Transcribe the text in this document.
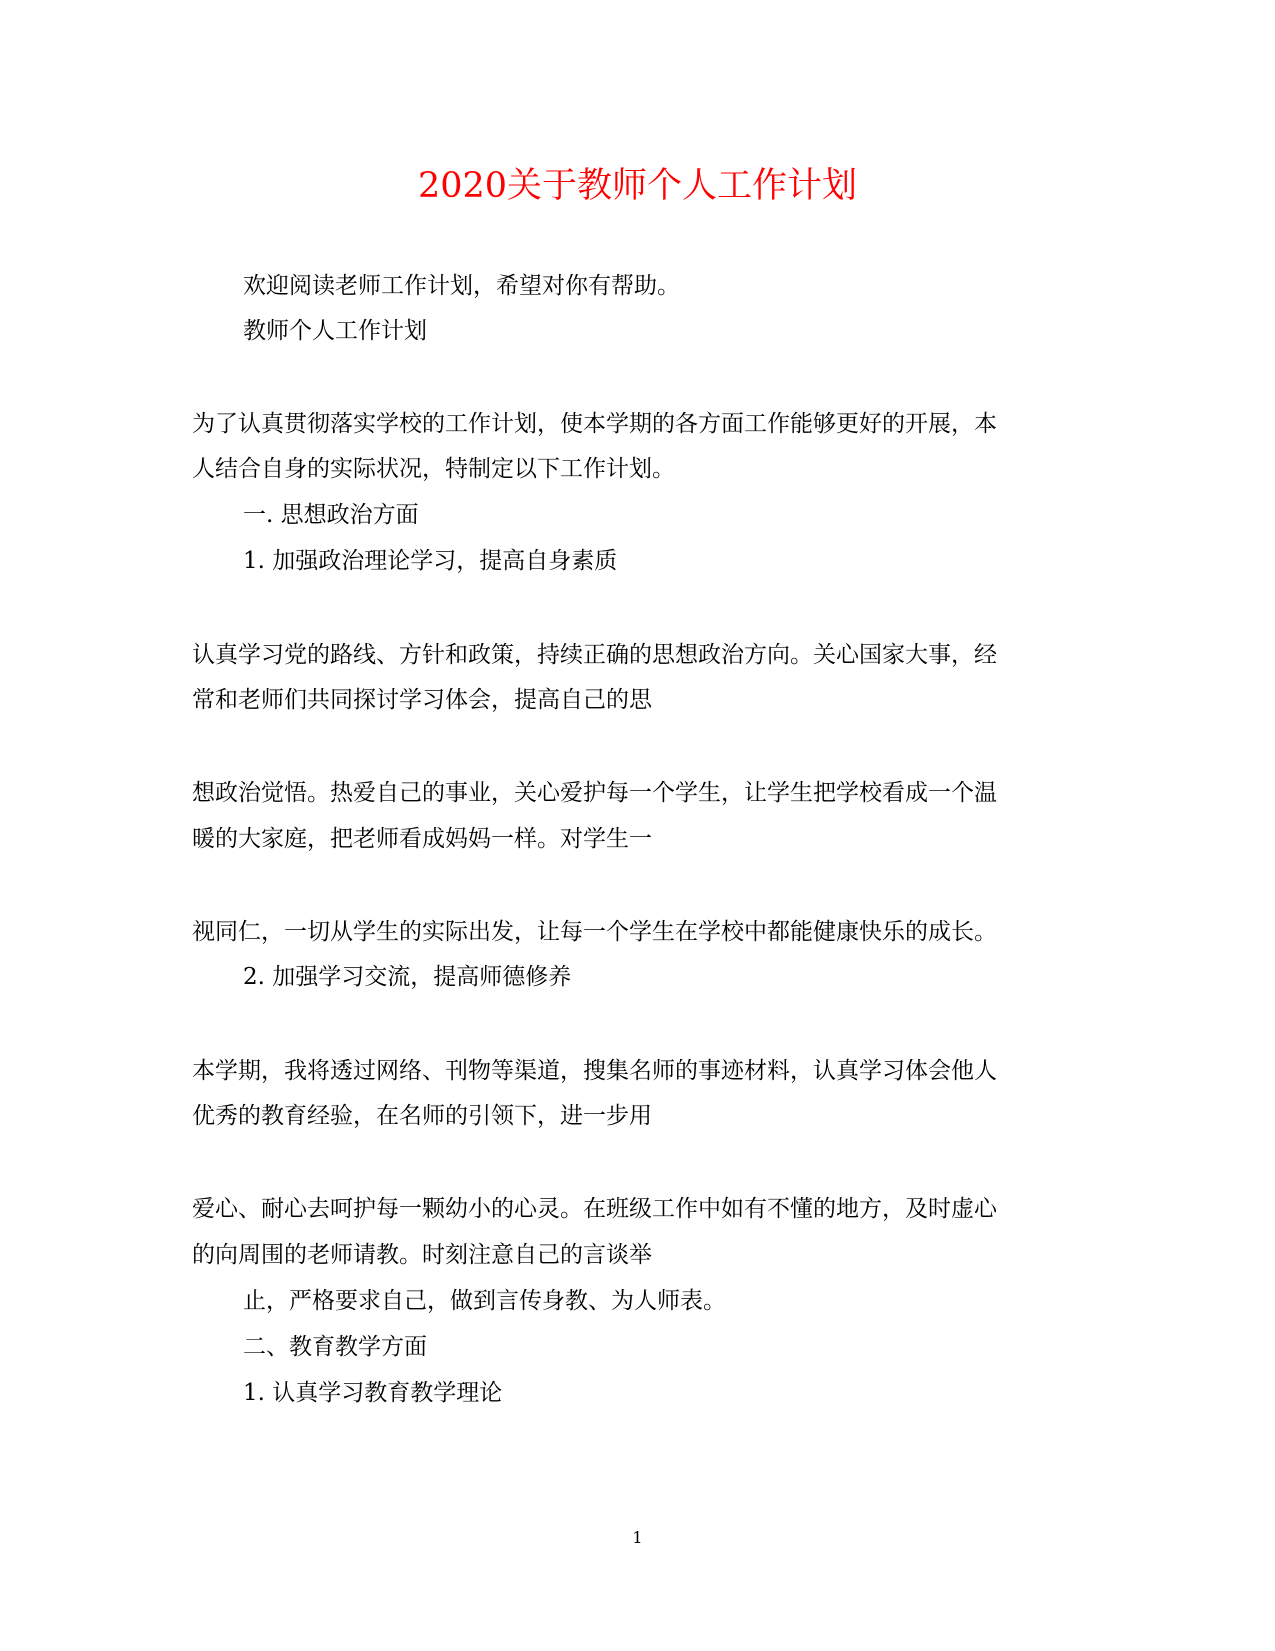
2020关于教师个人工作计划
欢迎阅读老师工作计划，希望对你有帮助。
教师个人工作计划
为了认真贯彻落实学校的工作计划，使本学期的各方面工作能够更好的开展，本
人结合自身的实际状况，特制定以下工作计划。
一. 思想政治方面
1. 加强政治理论学习，提高自身素质
认真学习党的路线、方针和政策，持续正确的思想政治方向。关心国家大事，经
常和老师们共同探讨学习体会，提高自己的思
想政治觉悟。热爱自己的事业，关心爱护每一个学生，让学生把学校看成一个温
暖的大家庭，把老师看成妈妈一样。对学生一
视同仁，一切从学生的实际出发，让每一个学生在学校中都能健康快乐的成长。
2. 加强学习交流，提高师德修养
本学期，我将透过网络、刊物等渠道，搜集名师的事迹材料，认真学习体会他人
优秀的教育经验，在名师的引领下，进一步用
爱心、耐心去呵护每一颗幼小的心灵。在班级工作中如有不懂的地方，及时虚心
的向周围的老师请教。时刻注意自己的言谈举
止，严格要求自己，做到言传身教、为人师表。
二、教育教学方面
1. 认真学习教育教学理论
1
